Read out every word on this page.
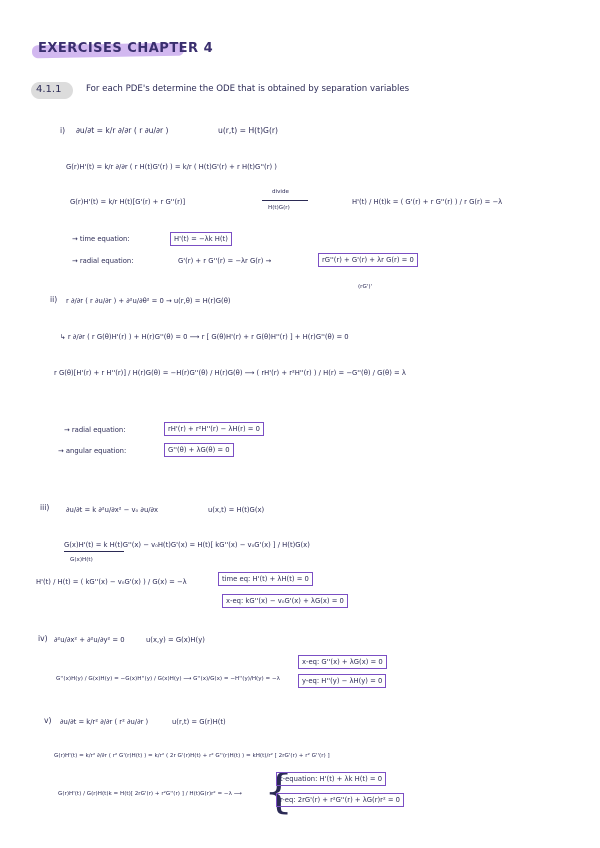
EXERCISES CHAPTER 4
4.1.1	For each PDE's determine the ODE that is obtained by separation variables
i) ∂u/∂t = k/r ∂/∂r ( r ∂u/∂r )	u(r,t) = H(t)G(r)
G(r)H'(t) = k/r ∂/∂r ( r H(t)G'(r) ) = k/r ( H(t)G'(r) + r H(t)G''(r) )
divide
G(r)H'(t) = k/r H(t)[G'(r) + r G''(r)]
H(t)G(r)
H'(t) / H(t)k = ( G'(r) + r G''(r) ) / r G(r) = −λ
→ time equation:	H'(t) = −λk H(t)
→ radial equation:	G'(r) + r G''(r) = −λr G(r) →	rG''(r) + G'(r) + λr G(r) = 0
(rG')'
ii) r ∂/∂r ( r ∂u/∂r ) + ∂²u/∂θ² = 0 → u(r,θ) = H(r)G(θ)
↳ r ∂/∂r ( r G(θ)H'(r) ) + H(r)G''(θ) = 0 ⟶ r [ G(θ)H'(r) + r G(θ)H''(r) ] + H(r)G''(θ) = 0
r G(θ)[H'(r) + r H''(r)] / H(r)G(θ) = −H(r)G''(θ) / H(r)G(θ) ⟶ ( rH'(r) + r²H''(r) ) / H(r) = −G''(θ) / G(θ) = λ
→ radial equation:	rH'(r) + r²H''(r) − λH(r) = 0
→ angular equation:	G''(θ) + λG(θ) = 0
iii) ∂u/∂t = k ∂²u/∂x² − v₀ ∂u/∂x	u(x,t) = H(t)G(x)
G(x)H'(t) = k H(t)G''(x) − v₀H(t)G'(x) = H(t)[ kG''(x) − v₀G'(x) ] / H(t)G(x)
G(x)H(t)
H'(t) / H(t) = ( kG''(x) − v₀G'(x) ) / G(x) = −λ	time eq: H'(t) + λH(t) = 0
x-eq: kG''(x) − v₀G'(x) + λG(x) = 0
iv) ∂²u/∂x² + ∂²u/∂y² = 0	u(x,y) = G(x)H(y)
G''(x)H(y) / G(x)H(y) = −G(x)H''(y) / G(x)H(y) ⟶ G''(x)/G(x) = −H''(y)/H(y) = −λ
x-eq: G''(x) + λG(x) = 0
y-eq: H''(y) − λH(y) = 0
v) ∂u/∂t = k/r² ∂/∂r ( r² ∂u/∂r )	u(r,t) = G(r)H(t)
G(r)H'(t) = k/r² ∂/∂r ( r² G'(r)H(t) ) = k/r² ( 2r G'(r)H(t) + r² G''(r)H(t) ) = kH(t)/r² [ 2rG'(r) + r² G''(r) ]
G(r)H'(t) / G(r)H(t)k = H(t)[ 2rG'(r) + r²G''(r) ] / H(t)G(r)r² = −λ ⟶ {
t-equation: H'(t) + λk H(t) = 0
r-eq: 2rG'(r) + r²G''(r) + λG(r)r² = 0
